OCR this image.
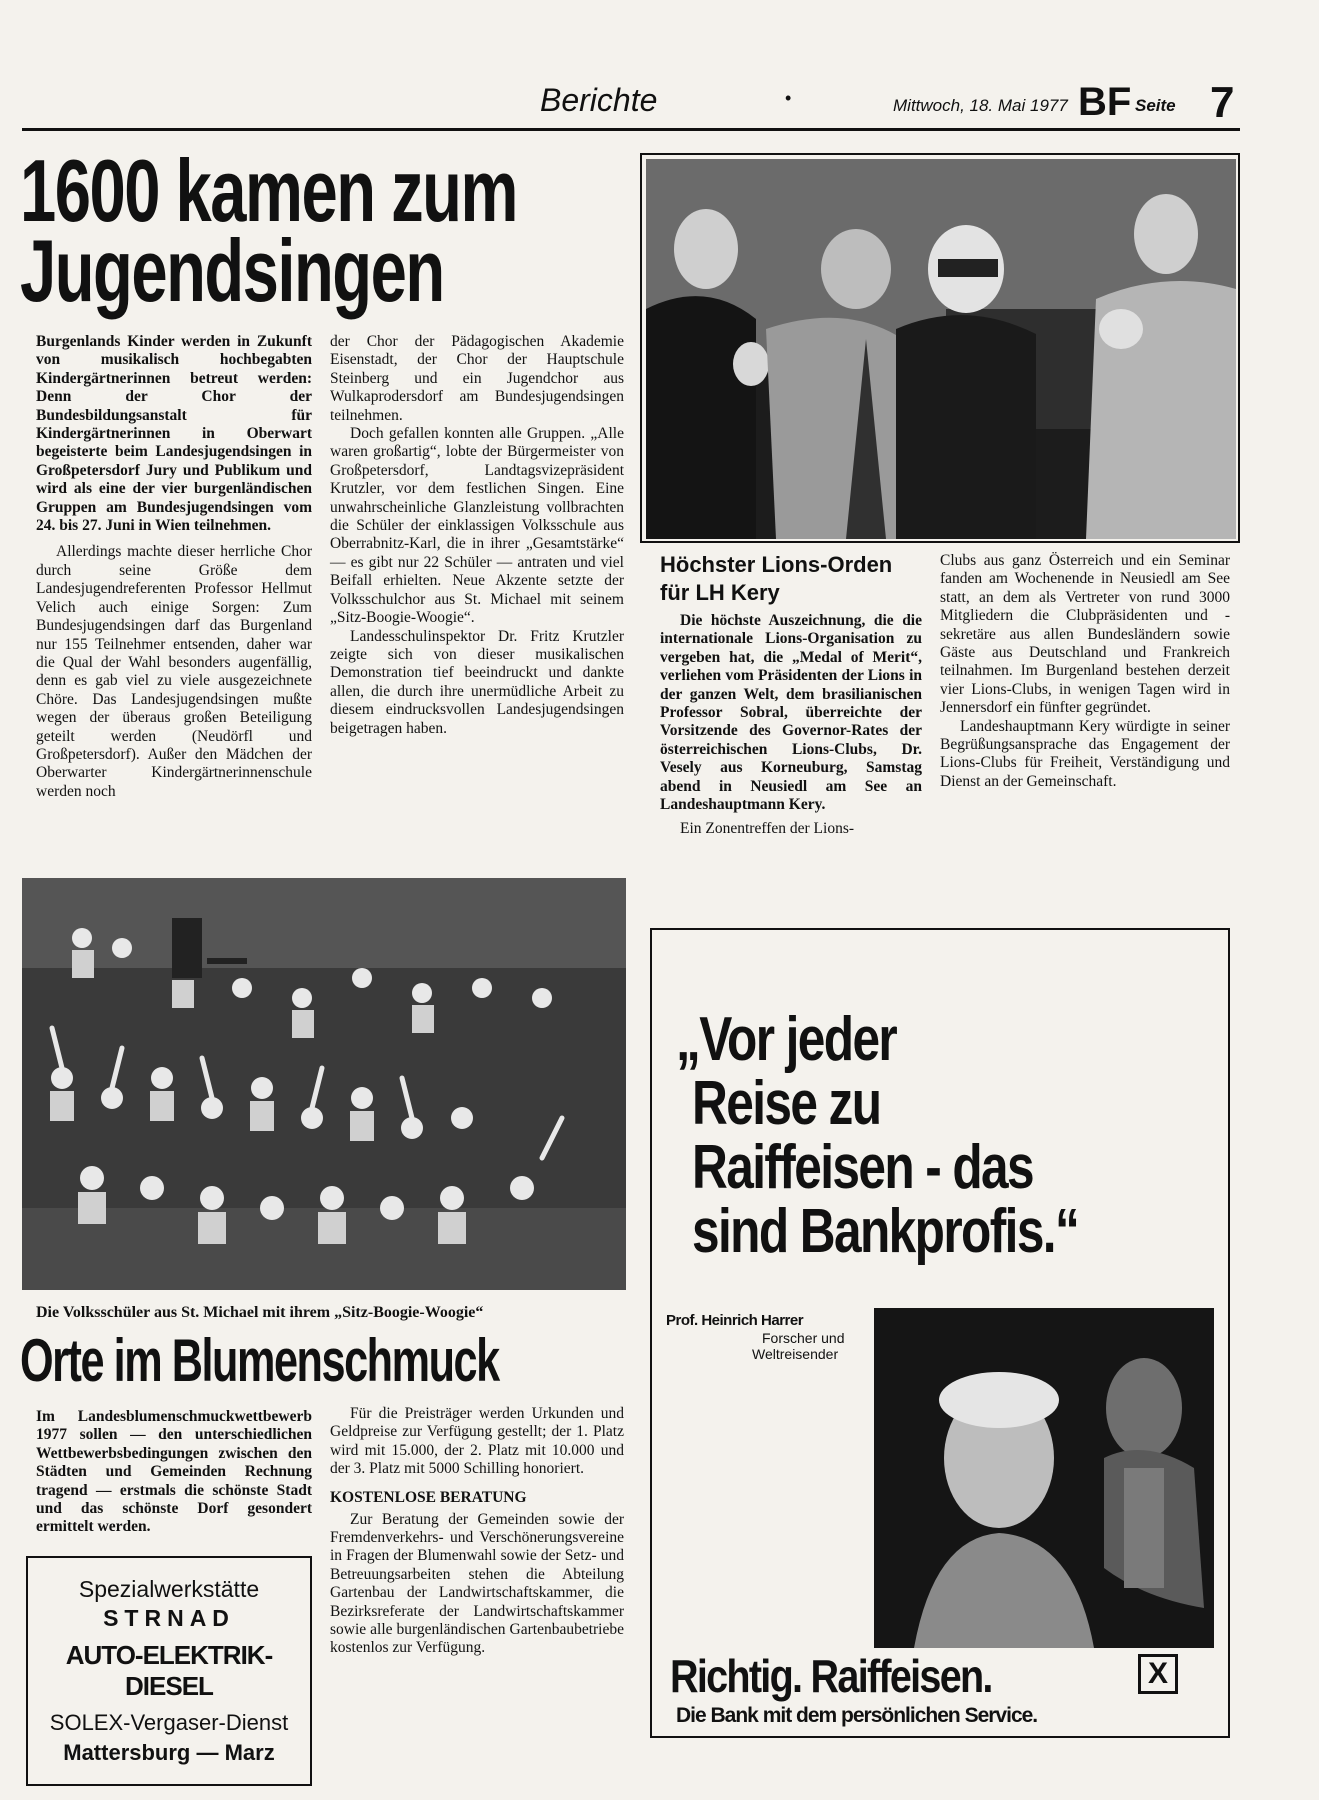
Berichte	•	Mittwoch, 18. Mai 1977 BF Seite 7
1600 kamen zum
Jugendsingen

Burgenlands Kinder werden in Zukunft von musikalisch hochbegabten Kindergärtnerinnen betreut werden: Denn der Chor der Bundesbildungsanstalt für Kindergärtnerinnen in Oberwart begeisterte beim Landesjugendsingen in Großpetersdorf Jury und Publikum und wird als eine der vier burgenländischen Gruppen am Bundesjugendsingen vom 24. bis 27. Juni in Wien teilnehmen.

Allerdings machte dieser herrliche Chor durch seine Größe dem Landesjugendreferenten Professor Hellmut Velich auch einige Sorgen: Zum Bundesjugendsingen darf das Burgenland nur 155 Teilnehmer entsenden, daher war die Qual der Wahl besonders augenfällig, denn es gab viel zu viele ausgezeichnete Chöre. Das Landesjugendsingen mußte wegen der überaus großen Beteiligung geteilt werden (Neudörfl und Großpetersdorf). Außer den Mädchen der Oberwarter Kindergärtnerinnenschule werden noch

der Chor der Pädagogischen Akademie Eisenstadt, der Chor der Hauptschule Steinberg und ein Jugendchor aus Wulkaprodersdorf am Bundesjugendsingen teilnehmen.

Doch gefallen konnten alle Gruppen. „Alle waren großartig“, lobte der Bürgermeister von Großpetersdorf, Landtagsvizepräsident Krutzler, vor dem festlichen Singen. Eine unwahrscheinliche Glanzleistung vollbrachten die Schüler der einklassigen Volksschule aus Oberrabnitz-Karl, die in ihrer „Gesamtstärke“ — es gibt nur 22 Schüler — antraten und viel Beifall erhielten. Neue Akzente setzte der Volksschulchor aus St. Michael mit seinem „Sitz-Boogie-Woogie“.

Landesschulinspektor Dr. Fritz Krutzler zeigte sich von dieser musikalischen Demonstration tief beeindruckt und dankte allen, die durch ihre unermüdliche Arbeit zu diesem eindrucksvollen Landesjugendsingen beigetragen haben.

Höchster Lions-Orden
für LH Kery

Die höchste Auszeichnung, die die internationale Lions-Organisation zu vergeben hat, die „Medal of Merit“, verliehen vom Präsidenten der Lions in der ganzen Welt, dem brasilianischen Professor Sobral, überreichte der Vorsitzende des Governor-Rates der österreichischen Lions-Clubs, Dr. Vesely aus Korneuburg, Samstag abend in Neusiedl am See an Landeshauptmann Kery.

Ein Zonentreffen der Lions-

Clubs aus ganz Österreich und ein Seminar fanden am Wochenende in Neusiedl am See statt, an dem als Vertreter von rund 3000 Mitgliedern die Clubpräsidenten und -sekretäre aus allen Bundesländern sowie Gäste aus Deutschland und Frankreich teilnahmen. Im Burgenland bestehen derzeit vier Lions-Clubs, in wenigen Tagen wird in Jennersdorf ein fünfter gegründet.

Landeshauptmann Kery würdigte in seiner Begrüßungsansprache das Engagement der Lions-Clubs für Freiheit, Verständigung und Dienst an der Gemeinschaft.

Die Volksschüler aus St. Michael mit ihrem „Sitz-Boogie-Woogie“
Orte im Blumenschmuck

Im Landesblumenschmuckwettbewerb 1977 sollen — den unterschiedlichen Wettbewerbsbedingungen zwischen den Städten und Gemeinden Rechnung tragend — erstmals die schönste Stadt und das schönste Dorf gesondert ermittelt werden.

Für die Preisträger werden Urkunden und Geldpreise zur Verfügung gestellt; der 1. Platz wird mit 15.000, der 2. Platz mit 10.000 und der 3. Platz mit 5000 Schilling honoriert.

KOSTENLOSE BERATUNG

Zur Beratung der Gemeinden sowie der Fremdenverkehrs- und Verschönerungsvereine in Fragen der Blumenwahl sowie der Setz- und Betreuungsarbeiten stehen die Abteilung Gartenbau der Landwirtschaftskammer, die Bezirksreferate der Landwirtschaftskammer sowie alle burgenländischen Gartenbaubetriebe kostenlos zur Verfügung.

Spezialwerkstätte
STRNAD
AUTO-ELEKTRIK-DIESEL
SOLEX-Vergaser-Dienst
Mattersburg — Marz
„Vor jeder
Reise zu
Raiffeisen - das
sind Bankprofis.“
Prof. Heinrich Harrer
Forscher und
Weltreisender
Richtig. Raiffeisen.	X
Die Bank mit dem persönlichen Service.
